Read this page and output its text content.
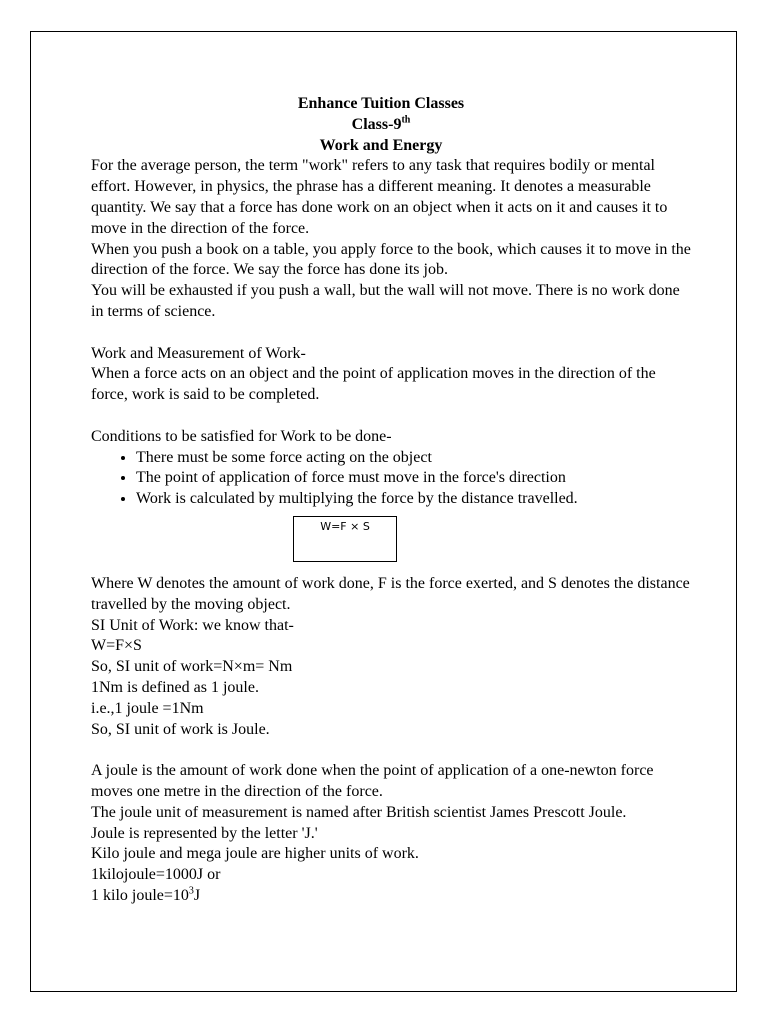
Enhance Tuition Classes

Class-9th

Work and Energy

For the average person, the term "work" refers to any task that requires bodily or mental effort. However, in physics, the phrase has a different meaning. It denotes a measurable quantity. We say that a force has done work on an object when it acts on it and causes it to move in the direction of the force.

When you push a book on a table, you apply force to the book, which causes it to move in the direction of the force. We say the force has done its job.

You will be exhausted if you push a wall, but the wall will not move. There is no work done in terms of science.

Work and Measurement of Work-

When a force acts on an object and the point of application moves in the direction of the force, work is said to be completed.

Conditions to be satisfied for Work to be done-

• There must be some force acting on the object
• The point of application of force must move in the force's direction
• Work is calculated by multiplying the force by the distance travelled.
W=F × S

Where W denotes the amount of work done, F is the force exerted, and S denotes the distance travelled by the moving object.

SI Unit of Work: we know that-

W=F×S

So, SI unit of work=N×m= Nm

1Nm is defined as 1 joule.

i.e.,1 joule =1Nm

So, SI unit of work is Joule.

A joule is the amount of work done when the point of application of a one-newton force moves one metre in the direction of the force.

The joule unit of measurement is named after British scientist James Prescott Joule.

Joule is represented by the letter 'J.'

Kilo joule and mega joule are higher units of work.

1kilojoule=1000J or

1 kilo $joule=10^3J$
